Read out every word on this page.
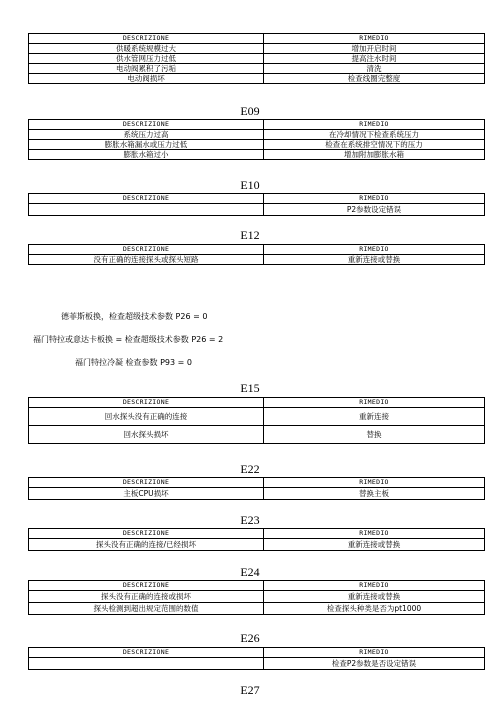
DESCRIZIONE	RIMEDIO
供暖系统规模过大	增加开启时间
供水管网压力过低	提高注水时间
电动阀累积了污垢	清洗
电动阀损坏	检查线圈完整度
E09
DESCRIZIONE	RIMEDIO
系统压力过高	在冷却情况下检查系统压力
膨胀水箱漏水或压力过低	检查在系统排空情况下的压力
膨胀水箱过小	增加附加膨胀水箱
E10
DESCRIZIONE	RIMEDIO
	P2参数设定错误
E12
DESCRIZIONE	RIMEDIO
没有正确的连接探头或探头短路	重新连接或替换
德菲斯板换，检查超级技术参数 P26 = 0
福门特拉或意达卡板换 = 检查超级技术参数 P26 = 2
福门特拉冷凝 检查参数 P93 = 0
E15
DESCRIZIONE	RIMEDIO
回水探头没有正确的连接	重新连接
回水探头损坏	替换
E22
DESCRIZIONE	RIMEDIO
主板CPU损坏	替换主板
E23
DESCRIZIONE	RIMEDIO
探头没有正确的连接/已经损坏	重新连接或替换
E24
DESCRIZIONE	RIMEDIO
探头没有正确的连接或损坏	重新连接或替换
探头检测到超出规定范围的数值	检查探头种类是否为pt1000
E26
DESCRIZIONE	RIMEDIO
	检查P2参数是否设定错误
E27
